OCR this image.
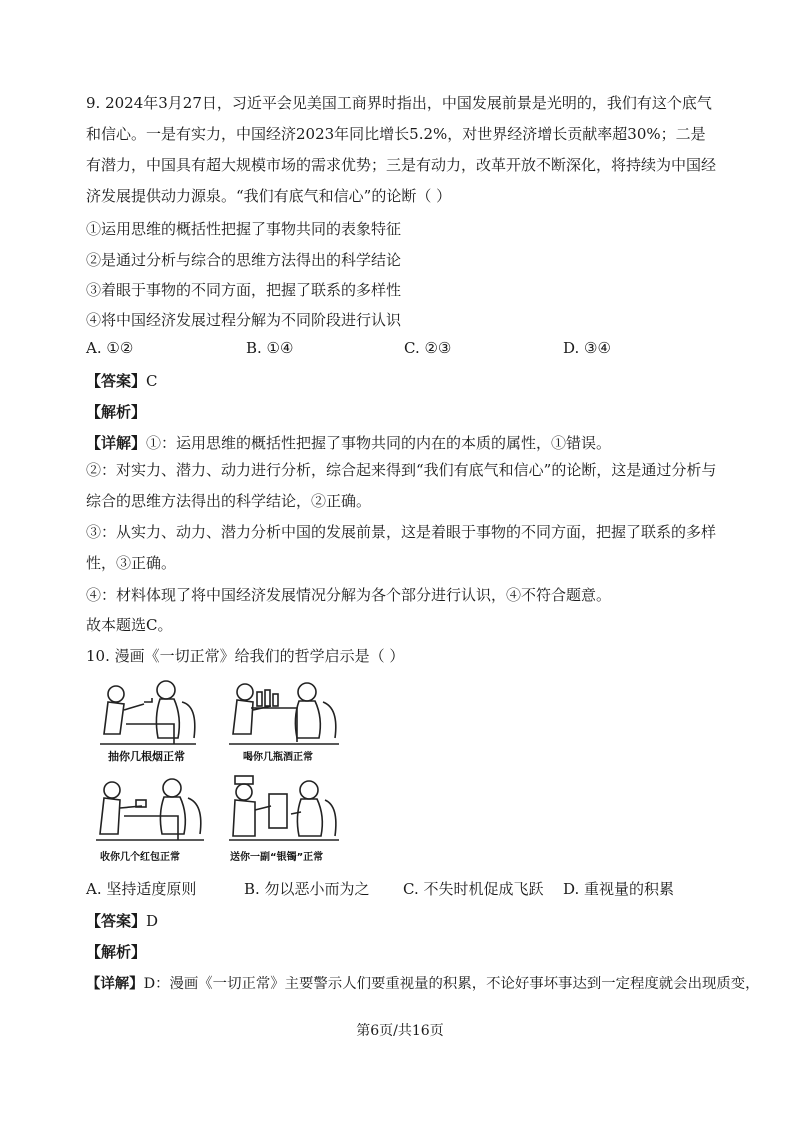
9. 2024年3月27日，习近平会见美国工商界时指出，中国发展前景是光明的，我们有这个底气和信心。一是有实力，中国经济2023年同比增长5.2%，对世界经济增长贡献率超30%；二是有潜力，中国具有超大规模市场的需求优势；三是有动力，改革开放不断深化，将持续为中国经济发展提供动力源泉。“我们有底气和信心”的论断（ ）
①运用思维的概括性把握了事物共同的表象特征
②是通过分析与综合的思维方法得出的科学结论
③着眼于事物的不同方面，把握了联系的多样性
④将中国经济发展过程分解为不同阶段进行认识
A. ①②	B. ①④	C. ②③	D. ③④
【答案】C
【解析】
【详解】①：运用思维的概括性把握了事物共同的内在的本质的属性，①错误。
②：对实力、潜力、动力进行分析，综合起来得到“我们有底气和信心”的论断，这是通过分析与综合的思维方法得出的科学结论，②正确。
③：从实力、动力、潜力分析中国的发展前景，这是着眼于事物的不同方面，把握了联系的多样性，③正确。
④：材料体现了将中国经济发展情况分解为各个部分进行认识，④不符合题意。
故本题选C。
10. 漫画《一切正常》给我们的哲学启示是（ ）
抽你几根烟正常	喝你几瓶酒正常
收你几个红包正常	送你一副“银镯”正常
A. 坚持适度原则	B. 勿以恶小而为之 C. 不失时机促成飞跃 D. 重视量的积累
【答案】D
【解析】
【详解】D：漫画《一切正常》主要警示人们要重视量的积累，不论好事坏事达到一定程度就会出现质变，
第6页/共16页
